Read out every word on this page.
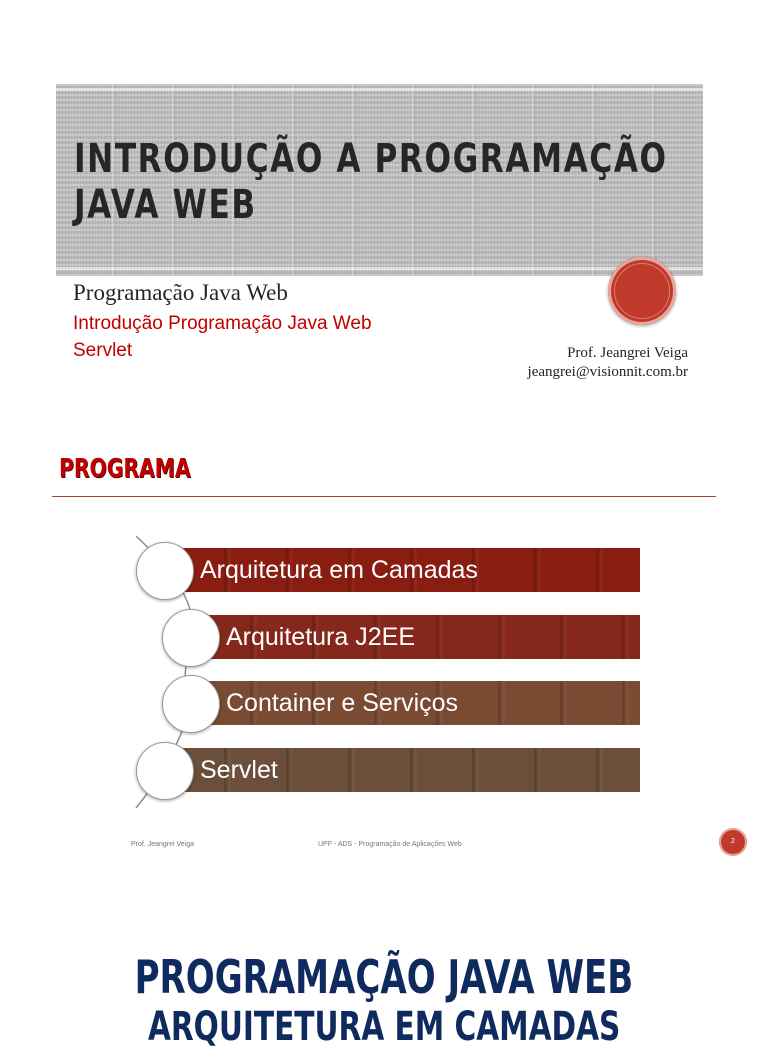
INTRODUÇÃO A PROGRAMAÇÃO JAVA WEB

Programação Java Web

Introdução Programação Java Web

Servlet	Prof. Jeangrei Veiga

jeangrei@visionnit.com.br

PROGRAMA
Arquitetura em Camadas
Arquitetura J2EE
Container e Serviços
Servlet

Prof. Jeangrei Veiga	UPF - ADS - Programação de Aplicações Web	2
PROGRAMAÇÃO JAVA WEB
ARQUITETURA EM CAMADAS
